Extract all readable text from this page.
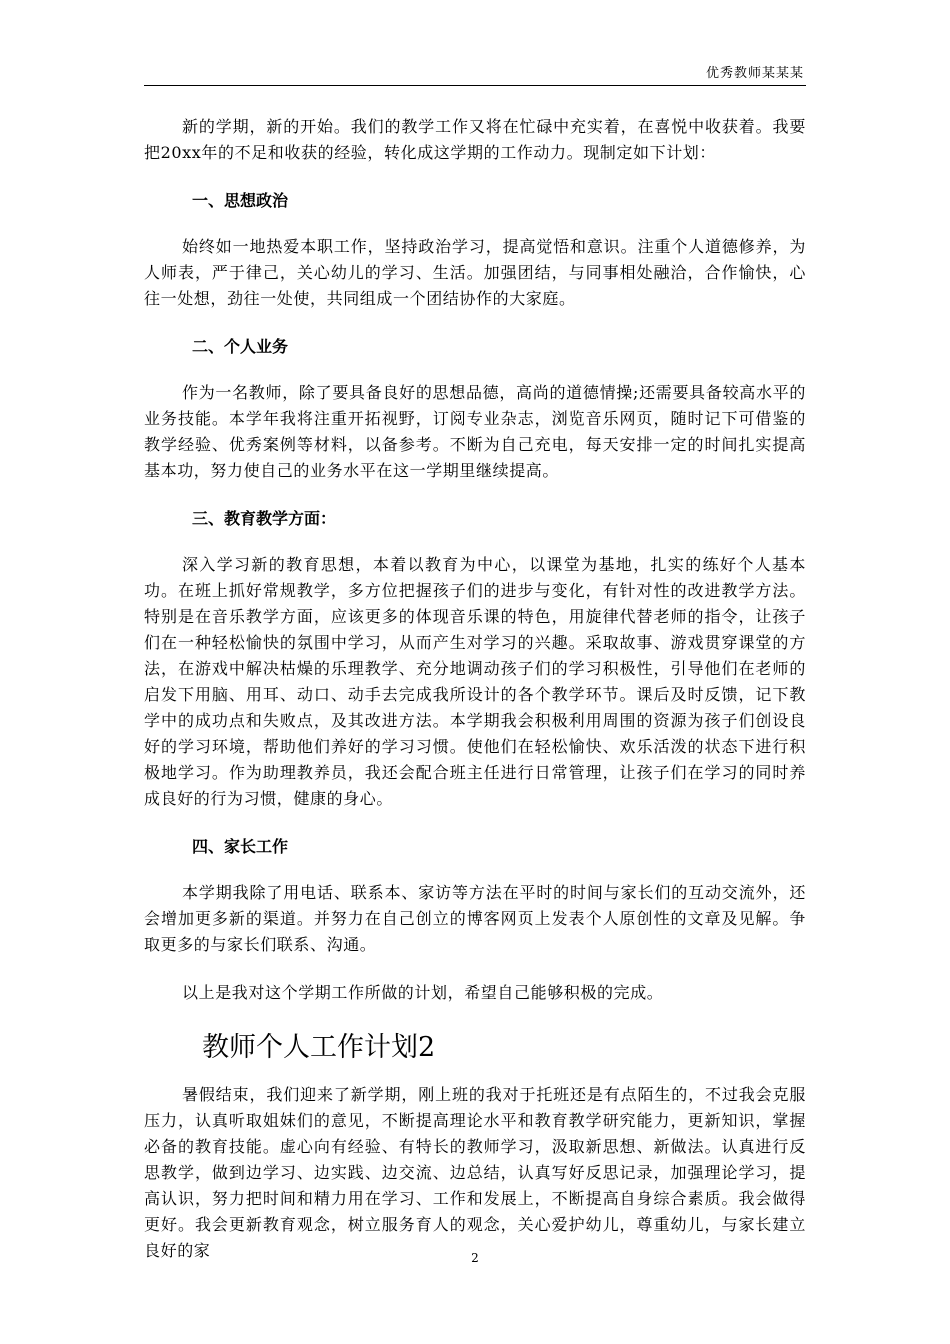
优秀教师某某某

新的学期，新的开始。我们的教学工作又将在忙碌中充实着，在喜悦中收获着。我要把20xx年的不足和收获的经验，转化成这学期的工作动力。现制定如下计划：

一、思想政治

始终如一地热爱本职工作，坚持政治学习，提高觉悟和意识。注重个人道德修养，为人师表，严于律己，关心幼儿的学习、生活。加强团结，与同事相处融洽，合作愉快，心往一处想，劲往一处使，共同组成一个团结协作的大家庭。

二、个人业务

作为一名教师，除了要具备良好的思想品德，高尚的道德情操;还需要具备较高水平的业务技能。本学年我将注重开拓视野，订阅专业杂志，浏览音乐网页，随时记下可借鉴的教学经验、优秀案例等材料，以备参考。不断为自己充电，每天安排一定的时间扎实提高基本功，努力使自己的业务水平在这一学期里继续提高。

三、教育教学方面：

深入学习新的教育思想，本着以教育为中心，以课堂为基地，扎实的练好个人基本功。在班上抓好常规教学，多方位把握孩子们的进步与变化，有针对性的改进教学方法。特别是在音乐教学方面，应该更多的体现音乐课的特色，用旋律代替老师的指令，让孩子们在一种轻松愉快的氛围中学习，从而产生对学习的兴趣。采取故事、游戏贯穿课堂的方法，在游戏中解决枯燥的乐理教学、充分地调动孩子们的学习积极性，引导他们在老师的启发下用脑、用耳、动口、动手去完成我所设计的各个教学环节。课后及时反馈，记下教学中的成功点和失败点，及其改进方法。本学期我会积极利用周围的资源为孩子们创设良好的学习环境，帮助他们养好的学习习惯。使他们在轻松愉快、欢乐活泼的状态下进行积极地学习。作为助理教养员，我还会配合班主任进行日常管理，让孩子们在学习的同时养成良好的行为习惯，健康的身心。

四、家长工作

本学期我除了用电话、联系本、家访等方法在平时的时间与家长们的互动交流外，还会增加更多新的渠道。并努力在自己创立的博客网页上发表个人原创性的文章及见解。争取更多的与家长们联系、沟通。

以上是我对这个学期工作所做的计划，希望自己能够积极的完成。

教师个人工作计划2

暑假结束，我们迎来了新学期，刚上班的我对于托班还是有点陌生的，不过我会克服压力，认真听取姐妹们的意见，不断提高理论水平和教育教学研究能力，更新知识，掌握必备的教育技能。虚心向有经验、有特长的教师学习，汲取新思想、新做法。认真进行反思教学，做到边学习、边实践、边交流、边总结，认真写好反思记录，加强理论学习，提高认识，努力把时间和精力用在学习、工作和发展上，不断提高自身综合素质。我会做得更好。我会更新教育观念，树立服务育人的观念，关心爱护幼儿，尊重幼儿，与家长建立良好的家	2
